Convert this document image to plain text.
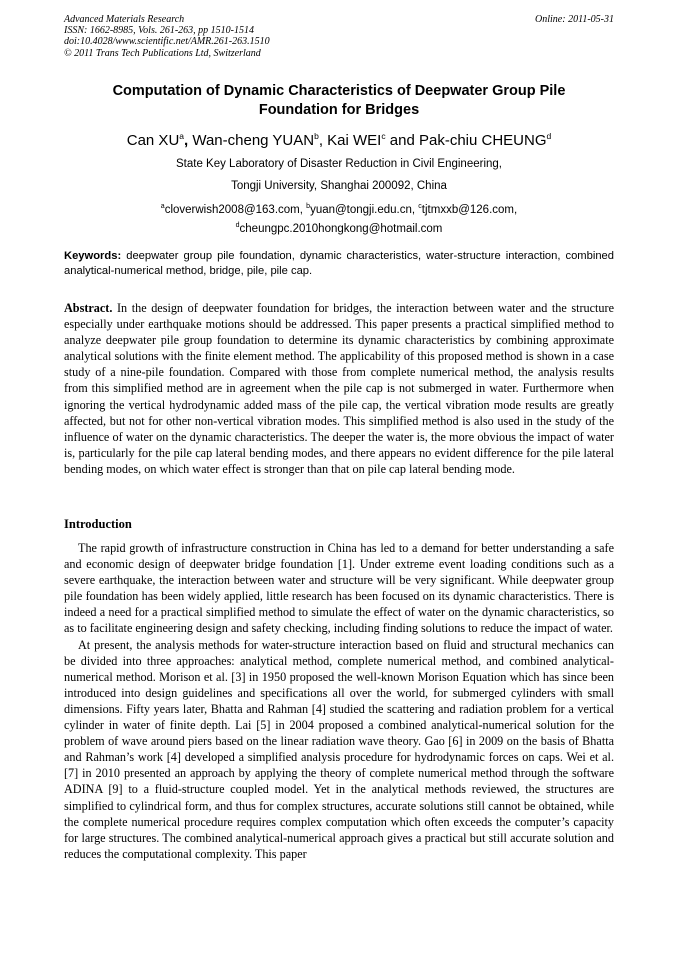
Advanced Materials Research
ISSN: 1662-8985, Vols. 261-263, pp 1510-1514
doi:10.4028/www.scientific.net/AMR.261-263.1510
© 2011 Trans Tech Publications Ltd, Switzerland
Online: 2011-05-31
Computation of Dynamic Characteristics of Deepwater Group Pile
Foundation for Bridges
Can $XU^a$, Wan-cheng YUAN$^b$, Kai WEI$^c$ and Pak-chiu CHEUNG$^d$
State Key Laboratory of Disaster Reduction in Civil Engineering,
Tongji University, Shanghai 200092, China
$^a$cloverwish2008@163.com, $^b$yuan@tongji.edu.cn, $^c$tjtmxxb@126.com,
$^d$cheungpc.2010hongkong@hotmail.com
Keywords: deepwater group pile foundation, dynamic characteristics, water-structure interaction, combined analytical-numerical method, bridge, pile, pile cap.
Abstract. In the design of deepwater foundation for bridges, the interaction between water and the structure especially under earthquake motions should be addressed. This paper presents a practical simplified method to analyze deepwater pile group foundation to determine its dynamic characteristics by combining approximate analytical solutions with the finite element method. The applicability of this proposed method is shown in a case study of a nine-pile foundation. Compared with those from complete numerical method, the analysis results from this simplified method are in agreement when the pile cap is not submerged in water. Furthermore when ignoring the vertical hydrodynamic added mass of the pile cap, the vertical vibration mode results are greatly affected, but not for other non-vertical vibration modes. This simplified method is also used in the study of the influence of water on the dynamic characteristics. The deeper the water is, the more obvious the impact of water is, particularly for the pile cap lateral bending modes, and there appears no evident difference for the pile lateral bending modes, on which water effect is stronger than that on pile cap lateral bending mode.
Introduction

The rapid growth of infrastructure construction in China has led to a demand for better understanding a safe and economic design of deepwater bridge foundation [1]. Under extreme event loading conditions such as a severe earthquake, the interaction between water and structure will be very significant. While deepwater group pile foundation has been widely applied, little research has been focused on its dynamic characteristics. There is indeed a need for a practical simplified method to simulate the effect of water on the dynamic characteristics, so as to facilitate engineering design and safety checking, including finding solutions to reduce the impact of water.

At present, the analysis methods for water-structure interaction based on fluid and structural mechanics can be divided into three approaches: analytical method, complete numerical method, and combined analytical-numerical method. Morison et al. [3] in 1950 proposed the well-known Morison Equation which has since been introduced into design guidelines and specifications all over the world, for submerged cylinders with small dimensions. Fifty years later, Bhatta and Rahman [4] studied the scattering and radiation problem for a vertical cylinder in water of finite depth. Lai [5] in 2004 proposed a combined analytical-numerical solution for the problem of wave around piers based on the linear radiation wave theory. Gao [6] in 2009 on the basis of Bhatta and Rahman’s work [4] developed a simplified analysis procedure for hydrodynamic forces on caps. Wei et al. [7] in 2010 presented an approach by applying the theory of complete numerical method through the software ADINA [9] to a fluid-structure coupled model. Yet in the analytical methods reviewed, the structures are simplified to cylindrical form, and thus for complex structures, accurate solutions still cannot be obtained, while the complete numerical procedure requires complex computation which often exceeds the computer’s capacity for large structures. The combined analytical-numerical approach gives a practical but still accurate solution and reduces the computational complexity. This paper
